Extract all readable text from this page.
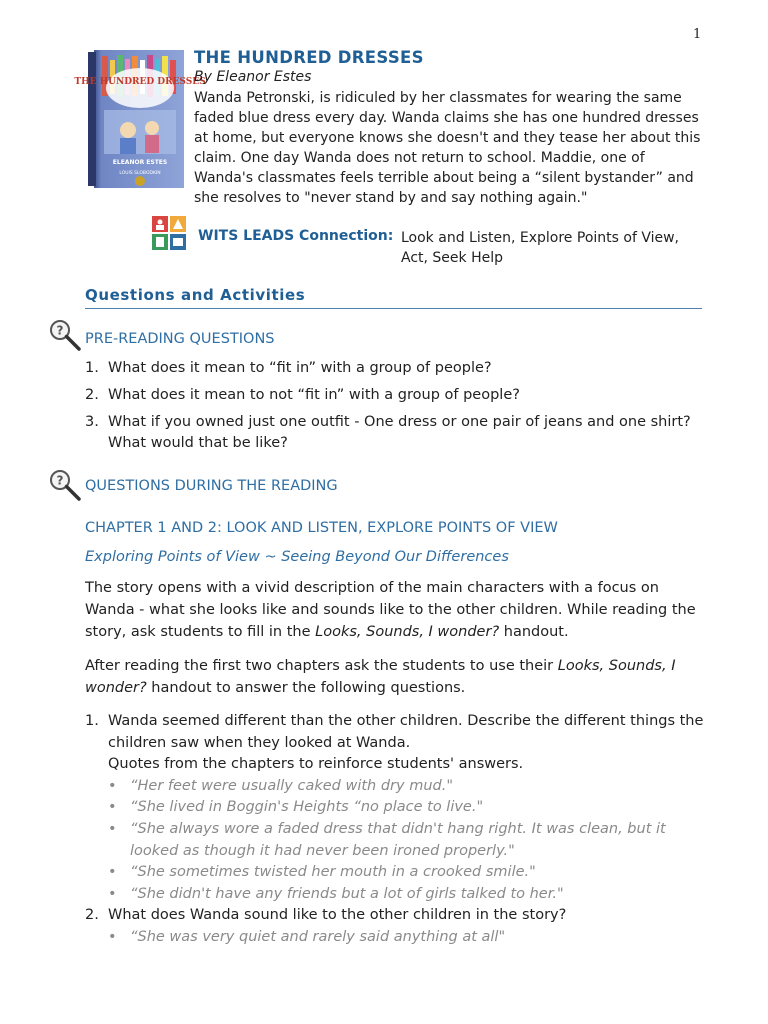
1
THE HUNDRED DRESSES
ELEANOR ESTES
LOUIS SLOBODKIN
THE HUNDRED DRESSES
By Eleanor Estes
Wanda Petronski, is ridiculed by her classmates for wearing the same faded blue dress every day. Wanda claims she has one hundred dresses at home, but everyone knows she doesn't and they tease her about this claim. One day Wanda does not return to school. Maddie, one of Wanda's classmates feels terrible about being a “silent bystander” and she resolves to "never stand by and say nothing again."
WITS LEADS Connection: Look and Listen, Explore Points of View, Act, Seek Help
Questions and Activities
?
PRE-READING QUESTIONS
1. What does it mean to “fit in” with a group of people?
2. What does it mean to not “fit in” with a group of people?
3. What if you owned just one outfit - One dress or one pair of jeans and one shirt? What would that be like?
? QUESTIONS DURING THE READING
CHAPTER 1 AND 2: LOOK AND LISTEN, EXPLORE POINTS OF VIEW
Exploring Points of View ~ Seeing Beyond Our Differences

The story opens with a vivid description of the main characters with a focus on Wanda - what she looks like and sounds like to the other children. While reading the story, ask students to fill in the Looks, Sounds, I wonder? handout.

After reading the first two chapters ask the students to use their Looks, Sounds, I wonder? handout to answer the following questions.

1. Wanda seemed different than the other children. Describe the different things the children saw when they looked at Wanda.
Quotes from the chapters to reinforce students' answers.
• “Her feet were usually caked with dry mud."
• “She lived in Boggin's Heights “no place to live."
• “She always wore a faded dress that didn't hang right. It was clean, but it looked as though it had never been ironed properly."
• “She sometimes twisted her mouth in a crooked smile."
• “She didn't have any friends but a lot of girls talked to her."
2. What does Wanda sound like to the other children in the story?
• “She was very quiet and rarely said anything at all"
